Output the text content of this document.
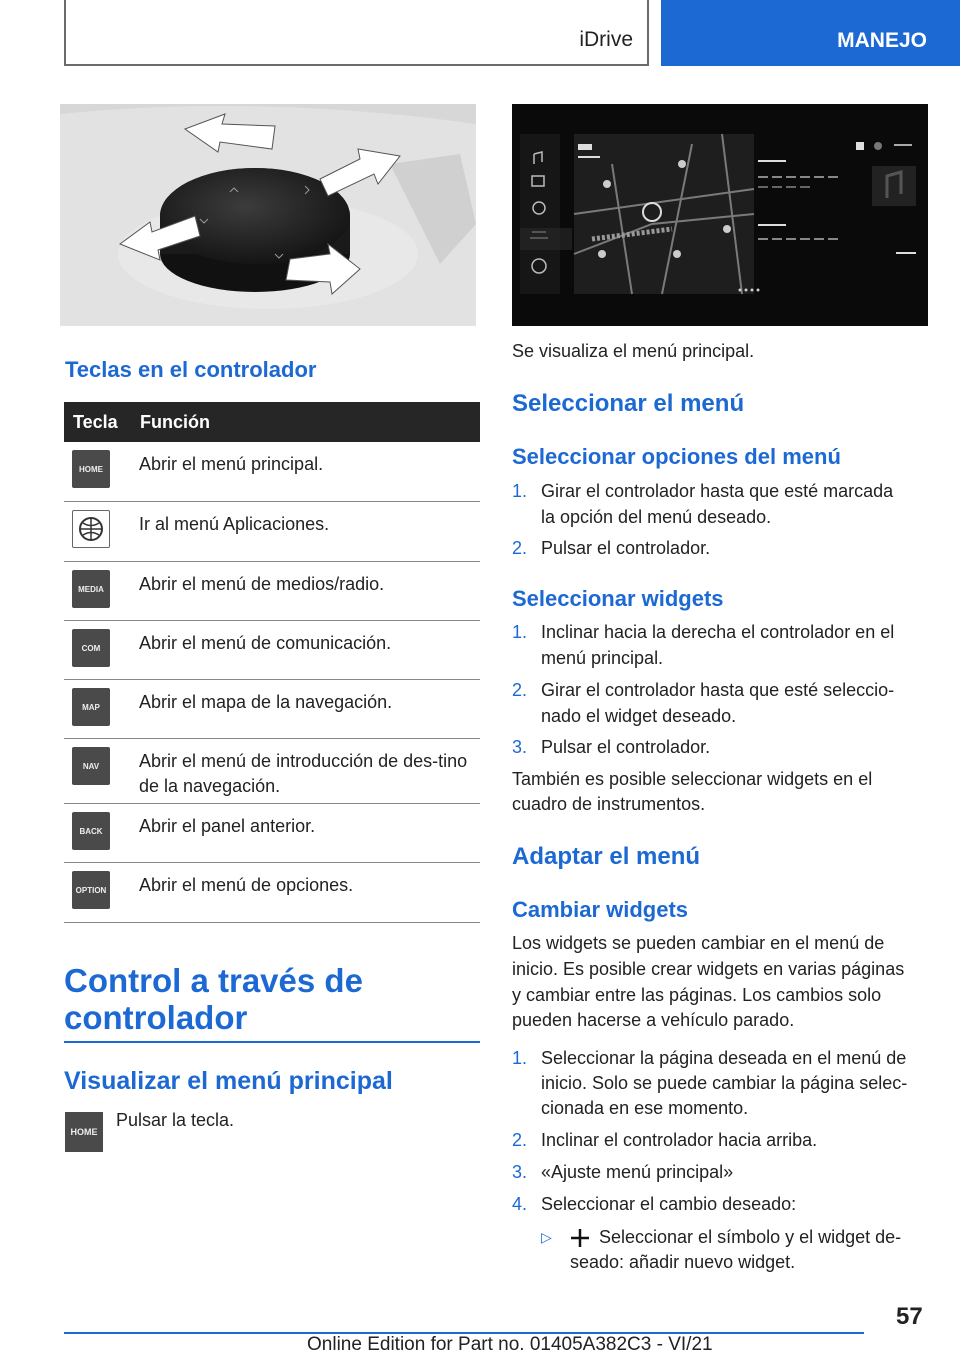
iDrive	MANEJO
Teclas en el controlador
Tecla Función
HOME	Abrir el menú principal.
Ir al menú Aplicaciones.
MEDIA	Abrir el menú de medios/radio.
COM	Abrir el menú de comunicación.
MAP	Abrir el mapa de la navegación.
NAV	Abrir el menú de introducción de des-tino de la navegación.
BACK	Abrir el panel anterior.
OPTION Abrir el menú de opciones.
Control a través de controlador
Visualizar el menú principal
HOME
Pulsar la tecla.
Se visualiza el menú principal.
Seleccionar el menú
Seleccionar opciones del menú
1. Girar el controlador hasta que esté marcada
la opción del menú deseado.
2. Pulsar el controlador.
Seleccionar widgets
1. Inclinar hacia la derecha el controlador en el
menú principal.
2. Girar el controlador hasta que esté seleccio-
nado el widget deseado.
3. Pulsar el controlador.
También es posible seleccionar widgets en el
cuadro de instrumentos.
Adaptar el menú
Cambiar widgets
Los widgets se pueden cambiar en el menú de
inicio. Es posible crear widgets en varias páginas
y cambiar entre las páginas. Los cambios solo
pueden hacerse a vehículo parado.
1. Seleccionar la página deseada en el menú de
inicio. Solo se puede cambiar la página selec-
cionada en ese momento.
2. Inclinar el controlador hacia arriba.
3. «Ajuste menú principal»
4. Seleccionar el cambio deseado:
▷	Seleccionar el símbolo y el widget de-
seado: añadir nuevo widget.
57
Online Edition for Part no. 01405A382C3 - VI/21
